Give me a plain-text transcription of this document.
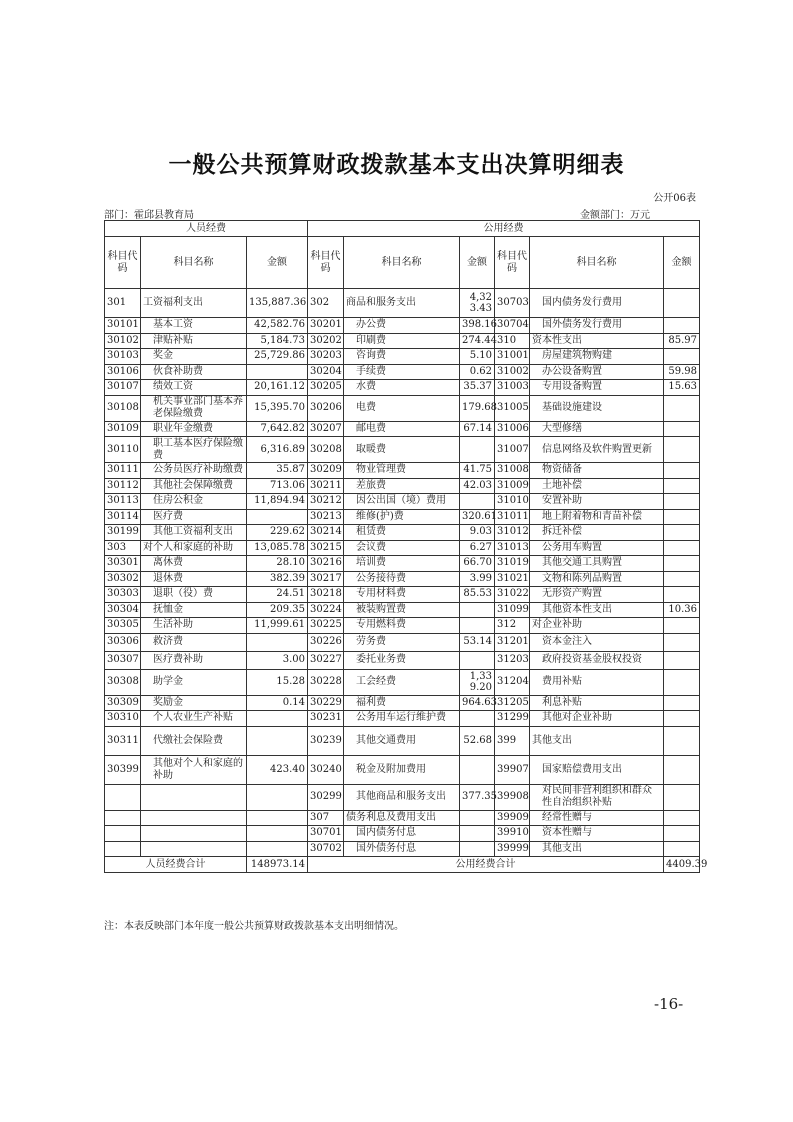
一般公共预算财政拨款基本支出决算明细表
公开06表
部门：霍邱县教育局	金额部门：万元
人员经费			公用经费					
科目代码	科目名称	金额	科目代码	科目名称	金额	科目代码	科目名称	金额
301	工资福利支出	135,887.36	302	商品和服务支出	4,323.43	30703	国内债务发行费用	
30101	基本工资	42,582.76	30201	办公费	398.16	30704	国外债务发行费用	
30102	津贴补贴	5,184.73	30202	印刷费	274.44	310	资本性支出	85.97
30103	奖金	25,729.86	30203	咨询费	5.10	31001	房屋建筑物购建	
30106	伙食补助费		30204	手续费	0.62	31002	办公设备购置	59.98
30107	绩效工资	20,161.12	30205	水费	35.37	31003	专用设备购置	15.63
30108	机关事业部门基本养老保险缴费	15,395.70	30206	电费	179.68	31005	基础设施建设	
30109	职业年金缴费	7,642.82	30207	邮电费	67.14	31006	大型修缮	
30110	职工基本医疗保险缴费	6,316.89	30208	取暖费		31007	信息网络及软件购置更新	
30111	公务员医疗补助缴费	35.87	30209	物业管理费	41.75	31008	物资储备	
30112	其他社会保障缴费	713.06	30211	差旅费	42.03	31009	土地补偿	
30113	住房公积金	11,894.94	30212	因公出国（境）费用		31010	安置补助	
30114	医疗费		30213	维修(护)费	320.61	31011	地上附着物和青苗补偿	
30199	其他工资福利支出	229.62	30214	租赁费	9.03	31012	拆迁补偿	
303	对个人和家庭的补助	13,085.78	30215	会议费	6.27	31013	公务用车购置	
30301	离休费	28.10	30216	培训费	66.70	31019	其他交通工具购置	
30302	退休费	382.39	30217	公务接待费	3.99	31021	文物和陈列品购置	
30303	退职（役）费	24.51	30218	专用材料费	85.53	31022	无形资产购置	
30304	抚恤金	209.35	30224	被装购置费		31099	其他资本性支出	10.36
30305	生活补助	11,999.61	30225	专用燃料费		312	对企业补助	
30306	救济费		30226	劳务费	53.14	31201	资本金注入	
30307	医疗费补助	3.00	30227	委托业务费		31203	政府投资基金股权投资	
30308	助学金	15.28	30228	工会经费	1,339.20	31204	费用补贴	
30309	奖励金	0.14	30229	福利费	964.63	31205	利息补贴	
30310	个人农业生产补贴		30231	公务用车运行维护费		31299	其他对企业补助	
30311	代缴社会保险费		30239	其他交通费用	52.68	399	其他支出	
30399	其他对个人和家庭的补助	423.40	30240	税金及附加费用		39907	国家赔偿费用支出	
			30299	其他商品和服务支出	377.35	39908	对民间非营利组织和群众性自治组织补贴	
			307	债务利息及费用支出		39909	经常性赠与	
			30701	国内债务付息		39910	资本性赠与	
			30702	国外债务付息		39999	其他支出	
人员经费合计		148973.14	公用经费合计					4409.39
注：本表反映部门本年度一般公共预算财政拨款基本支出明细情况。
-16-
